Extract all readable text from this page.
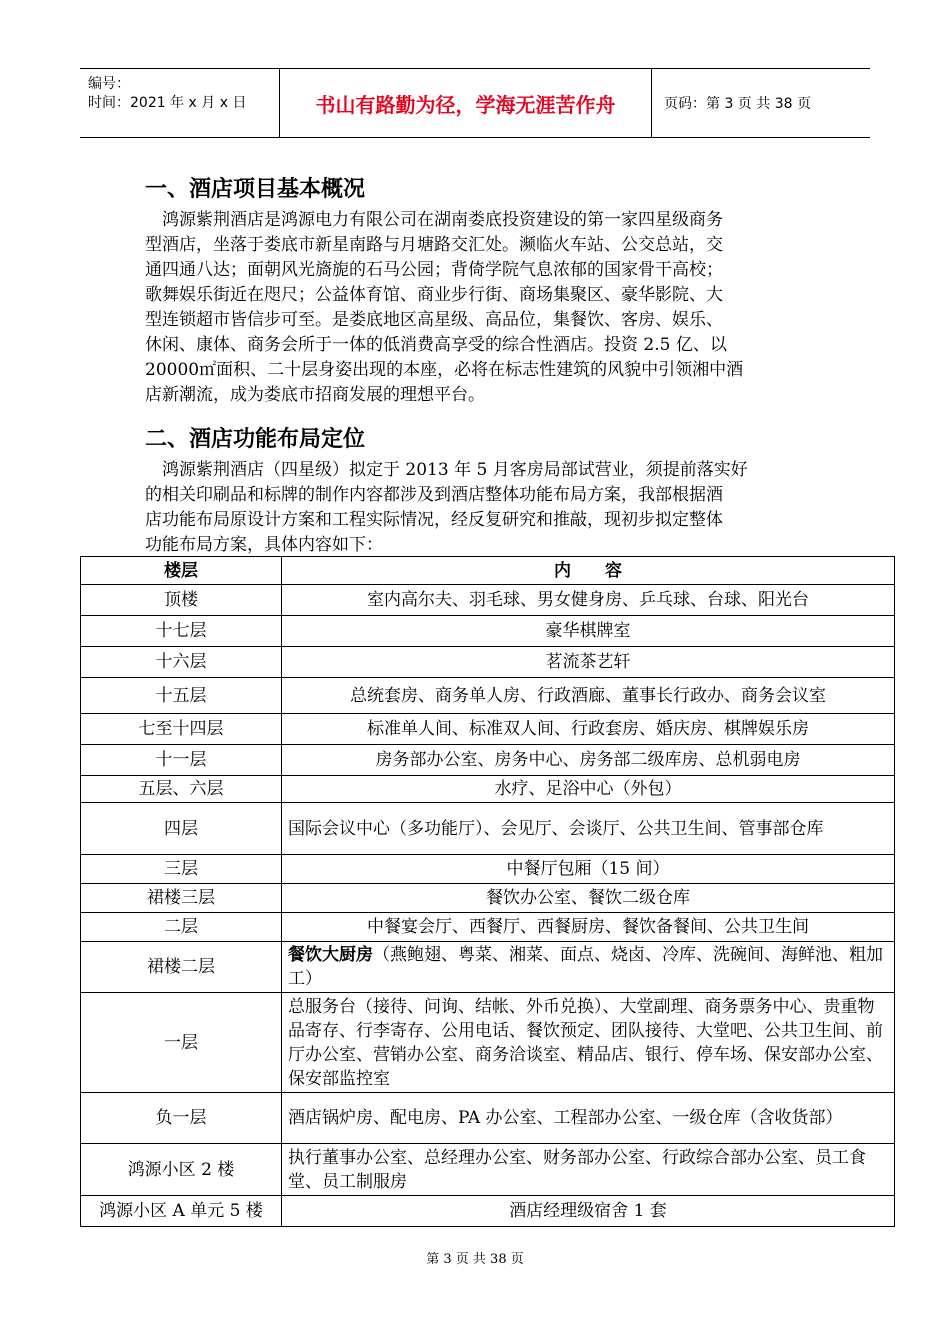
编号：
时间：2021 年 x 月 x 日	书山有路勤为径，学海无涯苦作舟	页码：第 3 页 共 38 页
一、酒店项目基本概况
鸿源紫荆酒店是鸿源电力有限公司在湖南娄底投资建设的第一家四星级商务
型酒店，坐落于娄底市新星南路与月塘路交汇处。濒临火车站、公交总站，交
通四通八达；面朝风光旖旎的石马公园；背倚学院气息浓郁的国家骨干高校；
歌舞娱乐街近在咫尺；公益体育馆、商业步行街、商场集聚区、豪华影院、大
型连锁超市皆信步可至。是娄底地区高星级、高品位，集餐饮、客房、娱乐、
休闲、康体、商务会所于一体的低消费高享受的综合性酒店。投资 2.5 亿、以
20000㎡面积、二十层身姿出现的本座，必将在标志性建筑的风貌中引领湘中酒
店新潮流，成为娄底市招商发展的理想平台。
二、酒店功能布局定位
鸿源紫荆酒店（四星级）拟定于 2013 年 5 月客房局部试营业，须提前落实好
的相关印刷品和标牌的制作内容都涉及到酒店整体功能布局方案，我部根据酒
店功能布局原设计方案和工程实际情况，经反复研究和推敲，现初步拟定整体
功能布局方案，具体内容如下：
楼层	内　　容
顶楼	室内高尔夫、羽毛球、男女健身房、乒乓球、台球、阳光台
十七层	豪华棋牌室
十六层	茗流茶艺轩
十五层	总统套房、商务单人房、行政酒廊、董事长行政办、商务会议室
七至十四层	标准单人间、标准双人间、行政套房、婚庆房、棋牌娱乐房
十一层	房务部办公室、房务中心、房务部二级库房、总机弱电房
五层、六层	水疗、足浴中心（外包）
四层	国际会议中心（多功能厅）、会见厅、会谈厅、公共卫生间、管事部仓库
三层	中餐厅包厢（15 间）
裙楼三层	餐饮办公室、餐饮二级仓库
二层	中餐宴会厅、西餐厅、西餐厨房、餐饮备餐间、公共卫生间
裙楼二层	餐饮大厨房（燕鲍翅、粤菜、湘菜、面点、烧卤、冷库、洗碗间、海鲜池、粗加工）
一层	总服务台（接待、问询、结帐、外币兑换）、大堂副理、商务票务中心、贵重物品寄存、行李寄存、公用电话、餐饮预定、团队接待、大堂吧、公共卫生间、前厅办公室、营销办公室、商务洽谈室、精品店、银行、停车场、保安部办公室、保安部监控室
负一层	酒店锅炉房、配电房、PA 办公室、工程部办公室、一级仓库（含收货部）
鸿源小区 2 楼	执行董事办公室、总经理办公室、财务部办公室、行政综合部办公室、员工食堂、员工制服房
鸿源小区 A 单元 5 楼	酒店经理级宿舍 1 套
第 3 页 共 38 页
